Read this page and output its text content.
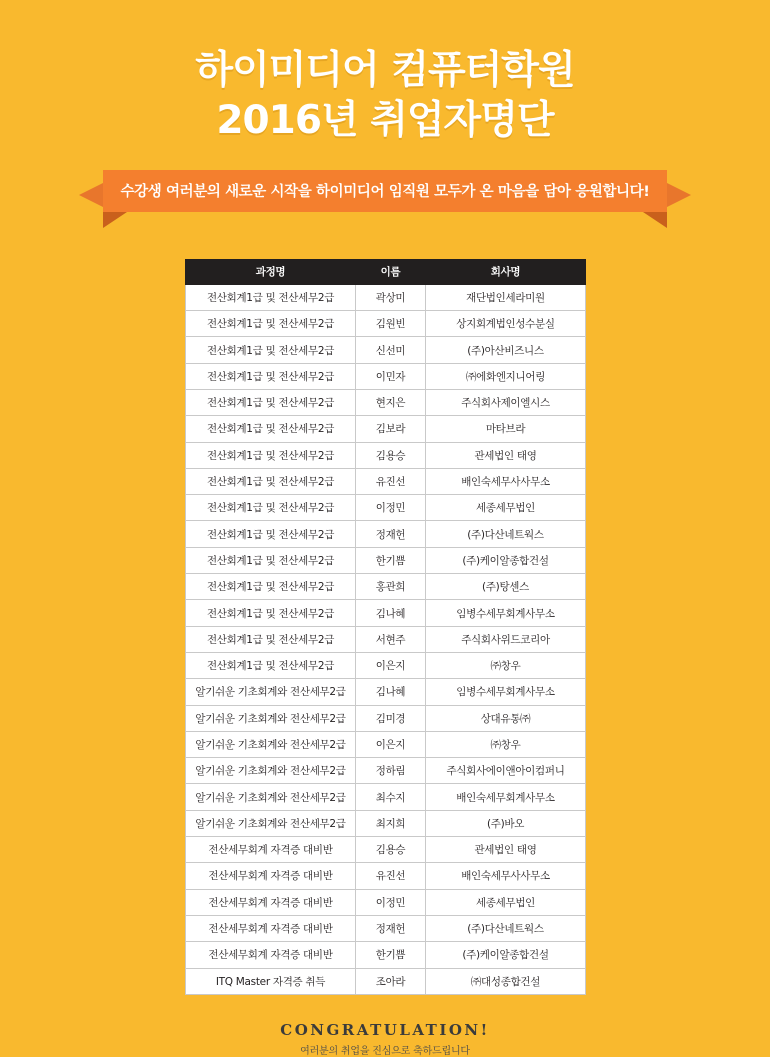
하이미디어 컴퓨터학원
2016년 취업자명단
수강생 여러분의 새로운 시작을 하이미디어 임직원 모두가 온 마음을 담아 응원합니다!
과정명	이름	회사명
전산회계1급 및 전산세무2급	곽상미	재단법인세라미원
전산회계1급 및 전산세무2급	김원빈	상지회계법인성수분실
전산회계1급 및 전산세무2급	신선미	(주)아산비즈니스
전산회계1급 및 전산세무2급	이민자	㈜에화엔지니어링
전산회계1급 및 전산세무2급	현지은	주식회사제이엘시스
전산회계1급 및 전산세무2급	김보라	마타브라
전산회계1급 및 전산세무2급	김용승	관세법인 태영
전산회계1급 및 전산세무2급	유진선	배인숙세무사사무소
전산회계1급 및 전산세무2급	이정민	세종세무법인
전산회계1급 및 전산세무2급	정재헌	(주)다산네트웍스
전산회계1급 및 전산세무2급	한기쁨	(주)케이알종합건설
전산회계1급 및 전산세무2급	홍관희	(주)탕센스
전산회계1급 및 전산세무2급	김나혜	임병수세무회계사무소
전산회계1급 및 전산세무2급	서현주	주식회사위드코리아
전산회계1급 및 전산세무2급	이은지	㈜창우
알기쉬운 기초회계와 전산세무2급	김나혜	임병수세무회계사무소
알기쉬운 기초회계와 전산세무2급	김미경	상대유통㈜
알기쉬운 기초회계와 전산세무2급	이은지	㈜창우
알기쉬운 기초회계와 전산세무2급	정하림	주식회사에이앤아이컴퍼니
알기쉬운 기초회계와 전산세무2급	최수지	배인숙세무회계사무소
알기쉬운 기초회계와 전산세무2급	최지희	(주)바오
전산세무회계 자격증 대비반	김용승	관세법인 태영
전산세무회계 자격증 대비반	유진선	배인숙세무사사무소
전산세무회계 자격증 대비반	이정민	세종세무법인
전산세무회계 자격증 대비반	정재헌	(주)다산네트웍스
전산세무회계 자격증 대비반	한기쁨	(주)케이알종합건설
ITQ Master 자격증 취득	조아라	㈜대성종합건설
CONGRATULATION!
여러분의 취업을 진심으로 축하드립니다
